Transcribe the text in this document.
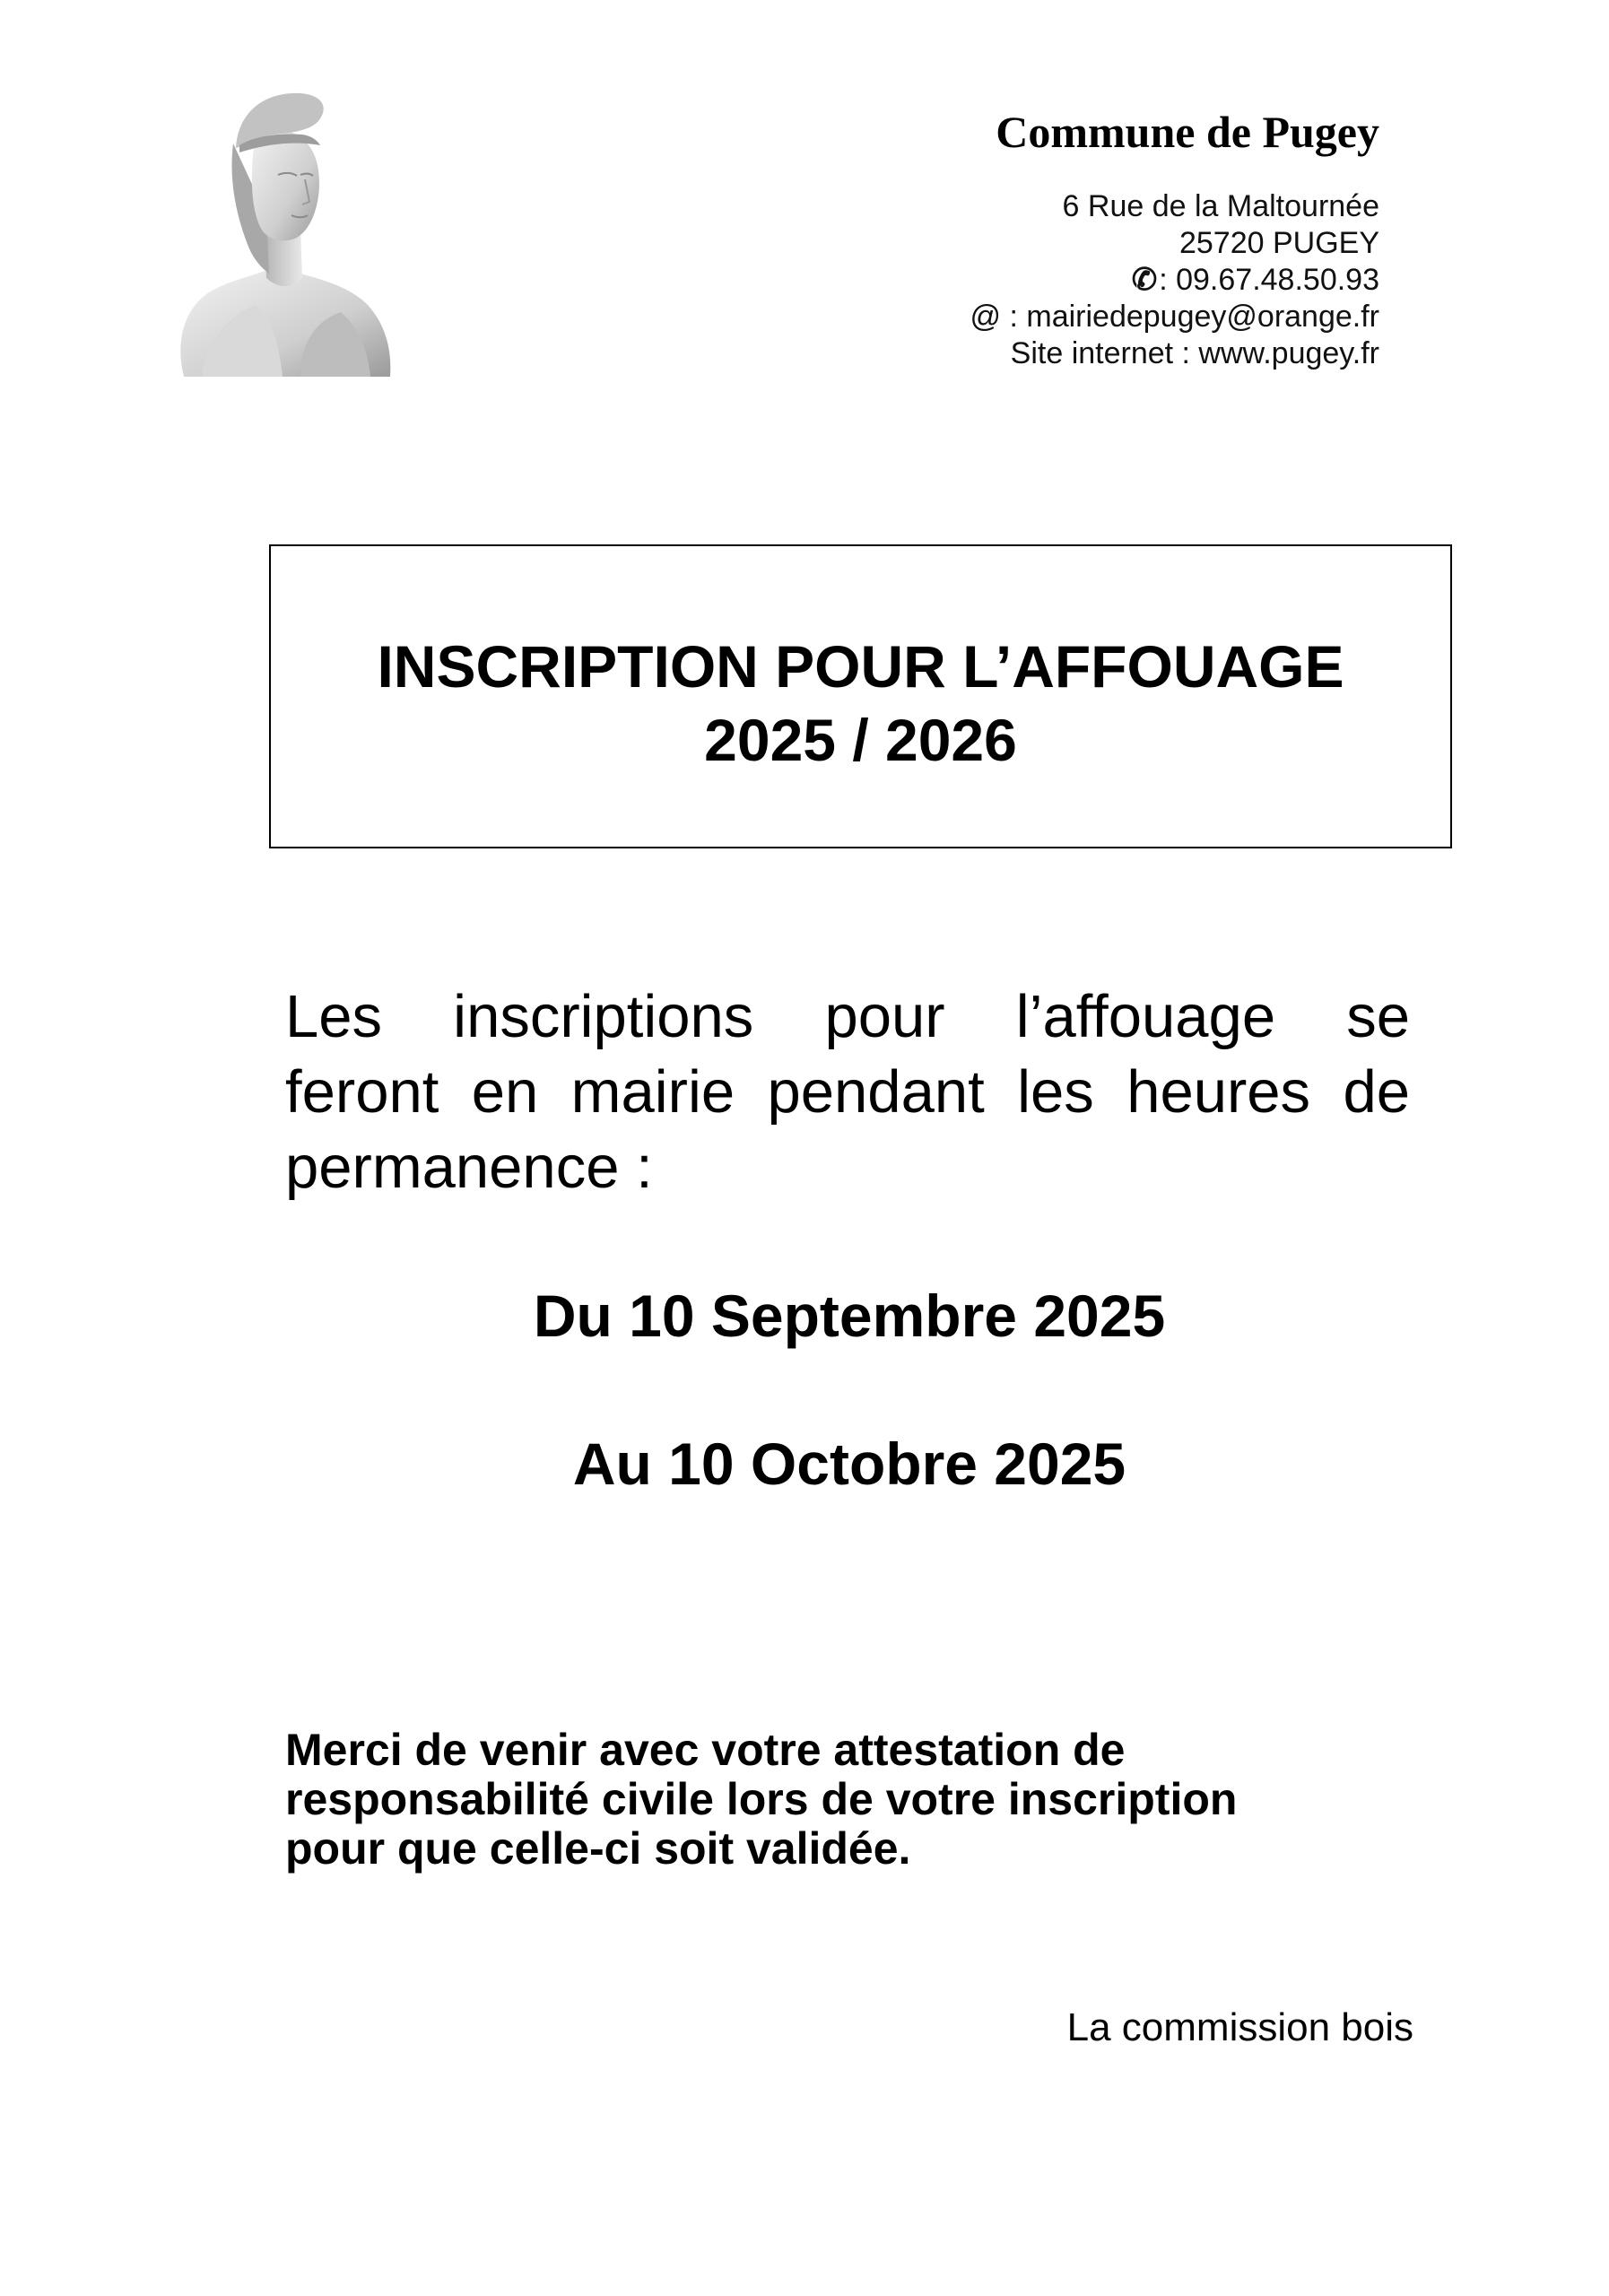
Commune de Pugey
6 Rue de la Maltournée
25720 PUGEY
✆: 09.67.48.50.93
@ : mairiedepugey@orange.fr
Site internet : www.pugey.fr
INSCRIPTION POUR L’AFFOUAGE
2025 / 2026
Les inscriptions pour l’affouage se
feront en mairie pendant les heures de
permanence :
Du 10 Septembre 2025
Au 10 Octobre 2025
Merci de venir avec votre attestation de
responsabilité civile lors de votre inscription
pour que celle-ci soit validée.
La commission bois
